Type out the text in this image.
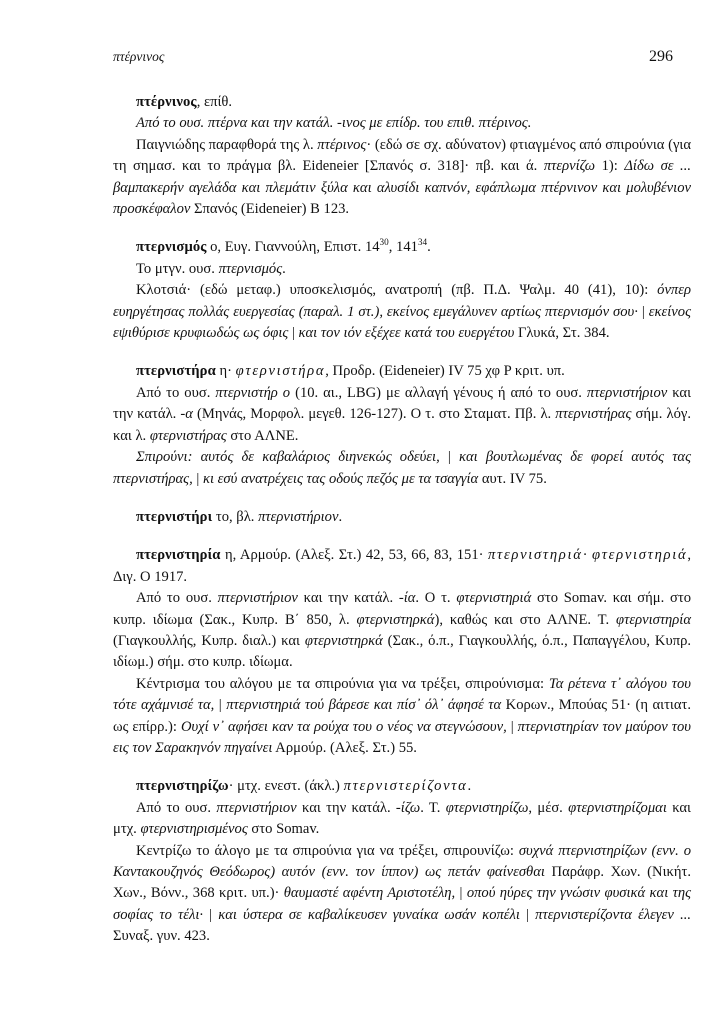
πτέρνινος	296

πτέρνινος, επίθ.

Από το ουσ. πτέρνα και την κατάλ. -ινος με επίδρ. του επιθ. πτέρινος.

Παιγνιώδης παραφθορά της λ. πτέρινος· (εδώ σε σχ. αδύνατον) φτιαγμένος από σπιρούνια (για τη σημασ. και το πράγμα βλ. Eideneier [Σπανός σ. 318]· πβ. και ά. πτερνίζω 1): Δίδω σε ... βαμπακερήν αγελάδα και πλεμάτιν ξύλα και αλυσίδι καπνόν, εφάπλωμα πτέρνινον και μολυβένιον προσκέφαλον Σπανός (Eideneier) B 123.

πτερνισμός ο, Ευγ. Γιαννούλη, Επιστ. $14^{30}$, $141^{34}$.

Το μτγν. ουσ. πτερνισμός.

Κλοτσιά· (εδώ μεταφ.) υποσκελισμός, ανατροπή (πβ. Π.Δ. Ψαλμ. 40 (41), 10): όνπερ ευηργέτησας πολλάς ευεργεσίας (παραλ. 1 στ.), εκείνος εμεγάλυνεν αρτίως πτερνισμόν σου· | εκείνος εψιθύρισε κρυφιωδώς ως όφις | και τον ιόν εξέχεε κατά του ευεργέτου Γλυκά, Στ. 384.

πτερνιστήρα η· φτερνιστήρα, Προδρ. (Eideneier) IV 75 χφ P κριτ. υπ.

Από το ουσ. πτερνιστήρ ο (10. αι., LBG) με αλλαγή γένους ή από το ουσ. πτερνιστήριον και την κατάλ. -α (Μηνάς, Μορφολ. μεγεθ. 126-127). Ο τ. στο Σταματ. Πβ. λ. πτερνιστήρας σήμ. λόγ. και λ. φτερνιστήρας στο ΑΛΝΕ.

Σπιρούνι: αυτός δε καβαλάριος διηνεκώς οδεύει, | και βουτλωμένας δε φορεί αυτός τας πτερνιστήρας, | κι εσύ ανατρέχεις τας οδούς πεζός με τα τσαγγία αυτ. IV 75.

πτερνιστήρι το, βλ. πτερνιστήριον.

πτερνιστηρία η, Αρμούρ. (Αλεξ. Στ.) 42, 53, 66, 83, 151· πτερνιστηριά· φτερνιστηριά, Διγ. Ο 1917.

Από το ουσ. πτερνιστήριον και την κατάλ. -ία. Ο τ. φτερνιστηριά στο Somav. και σήμ. στο κυπρ. ιδίωμα (Σακ., Κυπρ. Β΄ 850, λ. φτερνιστηρκά), καθώς και στο ΑΛΝΕ. Τ. φτερνιστηρία (Γιαγκουλλής, Κυπρ. διαλ.) και φτερνιστηρκά (Σακ., ό.π., Γιαγκουλλής, ό.π., Παπαγγέλου, Κυπρ. ιδίωμ.) σήμ. στο κυπρ. ιδίωμα.

Κέντρισμα του αλόγου με τα σπιρούνια για να τρέξει, σπιρούνισμα: Τα ρέτενα τ᾽ αλόγου του τότε αχάμνισέ τα, | πτερνιστηριά τού βάρεσε και πίσ᾽ όλ᾽ άφησέ τα Κορων., Μπούας 51· (η αιτιατ. ως επίρρ.): Ουχί ν᾽ αφήσει καν τα ρούχα του ο νέος να στεγνώσουν, | πτερνιστηρίαν τον μαύρον του εις τον Σαρακηνόν πηγαίνει Αρμούρ. (Αλεξ. Στ.) 55.

πτερνιστηρίζω· μτχ. ενεστ. (άκλ.) πτερνιστερίζοντα.

Από το ουσ. πτερνιστήριον και την κατάλ. -ίζω. Τ. φτερνιστηρίζω, μέσ. φτερνιστηρίζομαι και μτχ. φτερνιστηρισμένος στο Somav.

Κεντρίζω το άλογο με τα σπιρούνια για να τρέξει, σπιρουνίζω: συχνά πτερνιστηρίζων (ενν. ο Καντακουζηνός Θεόδωρος) αυτόν (ενν. τον ίππον) ως πετάν φαίνεσθαι Παράφρ. Χων. (Νικήτ. Χων., Βόνν., 368 κριτ. υπ.)· θαυμαστέ αφέντη Αριστοτέλη, | οπού ηύρες την γνώσιν φυσικά και της σοφίας το τέλι· | και ύστερα σε καβαλίκευσεν γυναίκα ωσάν κοπέλι | πτερνιστερίζοντα έλεγεν ... Συναξ. γυν. 423.
